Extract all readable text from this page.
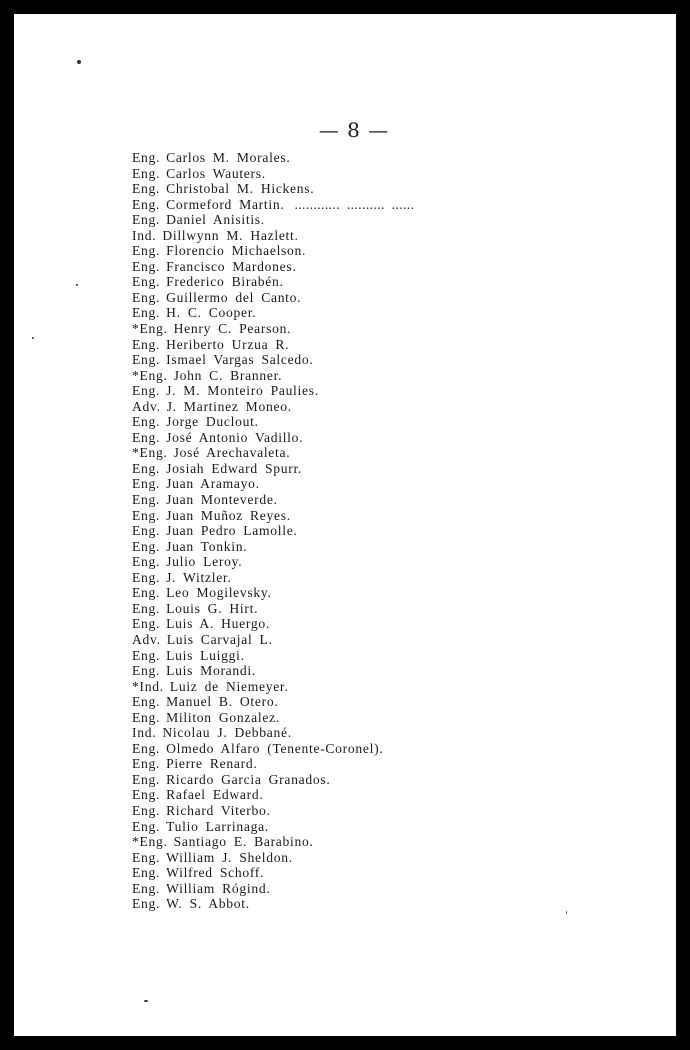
— 8 —
Eng. Carlos M. Morales.
Eng. Carlos Wauters.
Eng. Christobal M. Hickens.
Eng. Cormeford Martin. ............ .......... ......
Eng. Daniel Anisitis.
Ind. Dillwynn M. Hazlett.
Eng. Florencio Michaelson.
Eng. Francisco Mardones.
Eng. Frederico Birabén.
Eng. Guillermo del Canto.
Eng. H. C. Cooper.
*Eng. Henry C. Pearson.
Eng. Heriberto Urzua R.
Eng. Ismael Vargas Salcedo.
*Eng. John C. Branner.
Eng. J. M. Monteiro Paulies.
Adv. J. Martinez Moneo.
Eng. Jorge Duclout.
Eng. José Antonio Vadillo.
*Eng. José Arechavaleta.
Eng. Josiah Edward Spurr.
Eng. Juan Aramayo.
Eng. Juan Monteverde.
Eng. Juan Muñoz Reyes.
Eng. Juan Pedro Lamolle.
Eng. Juan Tonkin.
Eng. Julio Leroy.
Eng. J. Witzler.
Eng. Leo Mogilevsky.
Eng. Louis G. Hirt.
Eng. Luis A. Huergo.
Adv. Luis Carvajal L.
Eng. Luis Luiggi.
Eng. Luis Morandi.
*Ind. Luiz de Niemeyer.
Eng. Manuel B. Otero.
Eng. Militon Gonzalez.
Ind. Nicolau J. Debbané.
Eng. Olmedo Alfaro (Tenente-Coronel).
Eng. Pierre Renard.
Eng. Ricardo Garcia Granados.
Eng. Rafael Edward.
Eng. Richard Viterbo.
Eng. Tulio Larrinaga.
*Eng. Santiago E. Barabino.
Eng. William J. Sheldon.
Eng. Wilfred Schoff.
Eng. William Rógind.
Eng. W. S. Abbot.
